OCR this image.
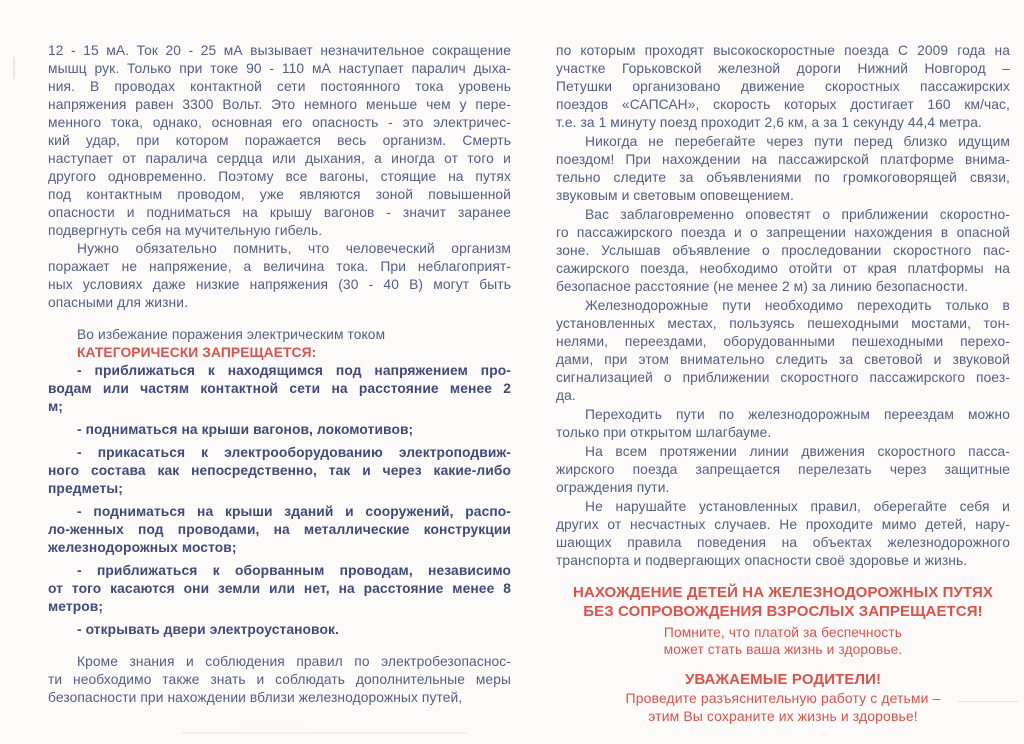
12 - 15 мА. Ток 20 - 25 мА вызывает незначительное сокращение
мышц рук. Только при токе 90 - 110 мА наступает паралич дыха-
ния. В проводах контактной сети постоянного тока уровень
напряжения равен 3300 Вольт. Это немного меньше чем у пере-
менного тока, однако, основная его опасность - это электричес-
кий удар, при котором поражается весь организм. Смерть
наступает от паралича сердца или дыхания, а иногда от того и
другого одновременно. Поэтому все вагоны, стоящие на путях
под контактным проводом, уже являются зоной повышенной
опасности и подниматься на крышу вагонов - значит заранее
подвергнуть себя на мучительную гибель.
Нужно обязательно помнить, что человеческий организм
поражает не напряжение, а величина тока. При неблагоприят-
ных условиях даже низкие напряжения (30 - 40 В) могут быть
опасными для жизни.
Во избежание поражения электрическим током
КАТЕГОРИЧЕСКИ ЗАПРЕЩАЕТСЯ:
- приближаться к находящимся под напряжением про-
водам или частям контактной сети на расстояние менее 2
м;
- подниматься на крыши вагонов, локомотивов;
- прикасаться к электрооборудованию электроподвиж-
ного состава как непосредственно, так и через какие-либо
предметы;
- подниматься на крыши зданий и сооружений, распо-
ло-женных под проводами, на металлические конструкции
железнодорожных мостов;
- приближаться к оборванным проводам, независимо
от того касаются они земли или нет, на расстояние менее 8
метров;
- открывать двери электроустановок.
Кроме знания и соблюдения правил по электробезопаснос-
ти необходимо также знать и соблюдать дополнительные меры
безопасности при нахождении вблизи железнодорожных путей,
по которым проходят высокоскоростные поезда С 2009 года на
участке Горьковской железной дороги Нижний Новгород –
Петушки организовано движение скоростных пассажирских
поездов «САПСАН», скорость которых достигает 160 км/час,
т.е. за 1 минуту поезд проходит 2,6 км, а за 1 секунду 44,4 метра.
Никогда не перебегайте через пути перед близко идущим
поездом! При нахождении на пассажирской платформе внима-
тельно следите за объявлениями по громкоговорящей связи,
звуковым и световым оповещением.
Вас заблаговременно оповестят о приближении скоростно-
го пассажирского поезда и о запрещении нахождения в опасной
зоне. Услышав объявление о проследовании скоростного пас-
сажирского поезда, необходимо отойти от края платформы на
безопасное расстояние (не менее 2 м) за линию безопасности.
Железнодорожные пути необходимо переходить только в
установленных местах, пользуясь пешеходными мостами, тон-
нелями, переездами, оборудованными пешеходными перехо-
дами, при этом внимательно следить за световой и звуковой
сигнализацией о приближении скоростного пассажирского поез-
да.
Переходить пути по железнодорожным переездам можно
только при открытом шлагбауме.
На всем протяжении линии движения скоростного пасса-
жирского поезда запрещается перелезать через защитные
ограждения пути.
Не нарушайте установленных правил, оберегайте себя и
других от несчастных случаев. Не проходите мимо детей, нару-
шающих правила поведения на объектах железнодорожного
транспорта и подвергающих опасности своё здоровье и жизнь.
НАХОЖДЕНИЕ ДЕТЕЙ НА ЖЕЛЕЗНОДОРОЖНЫХ ПУТЯХ
БЕЗ СОПРОВОЖДЕНИЯ ВЗРОСЛЫХ ЗАПРЕЩАЕТСЯ!
Помните, что платой за беспечность
может стать ваша жизнь и здоровье.
УВАЖАЕМЫЕ РОДИТЕЛИ!
Проведите разъяснительную работу с детьми –
этим Вы сохраните их жизнь и здоровье!
